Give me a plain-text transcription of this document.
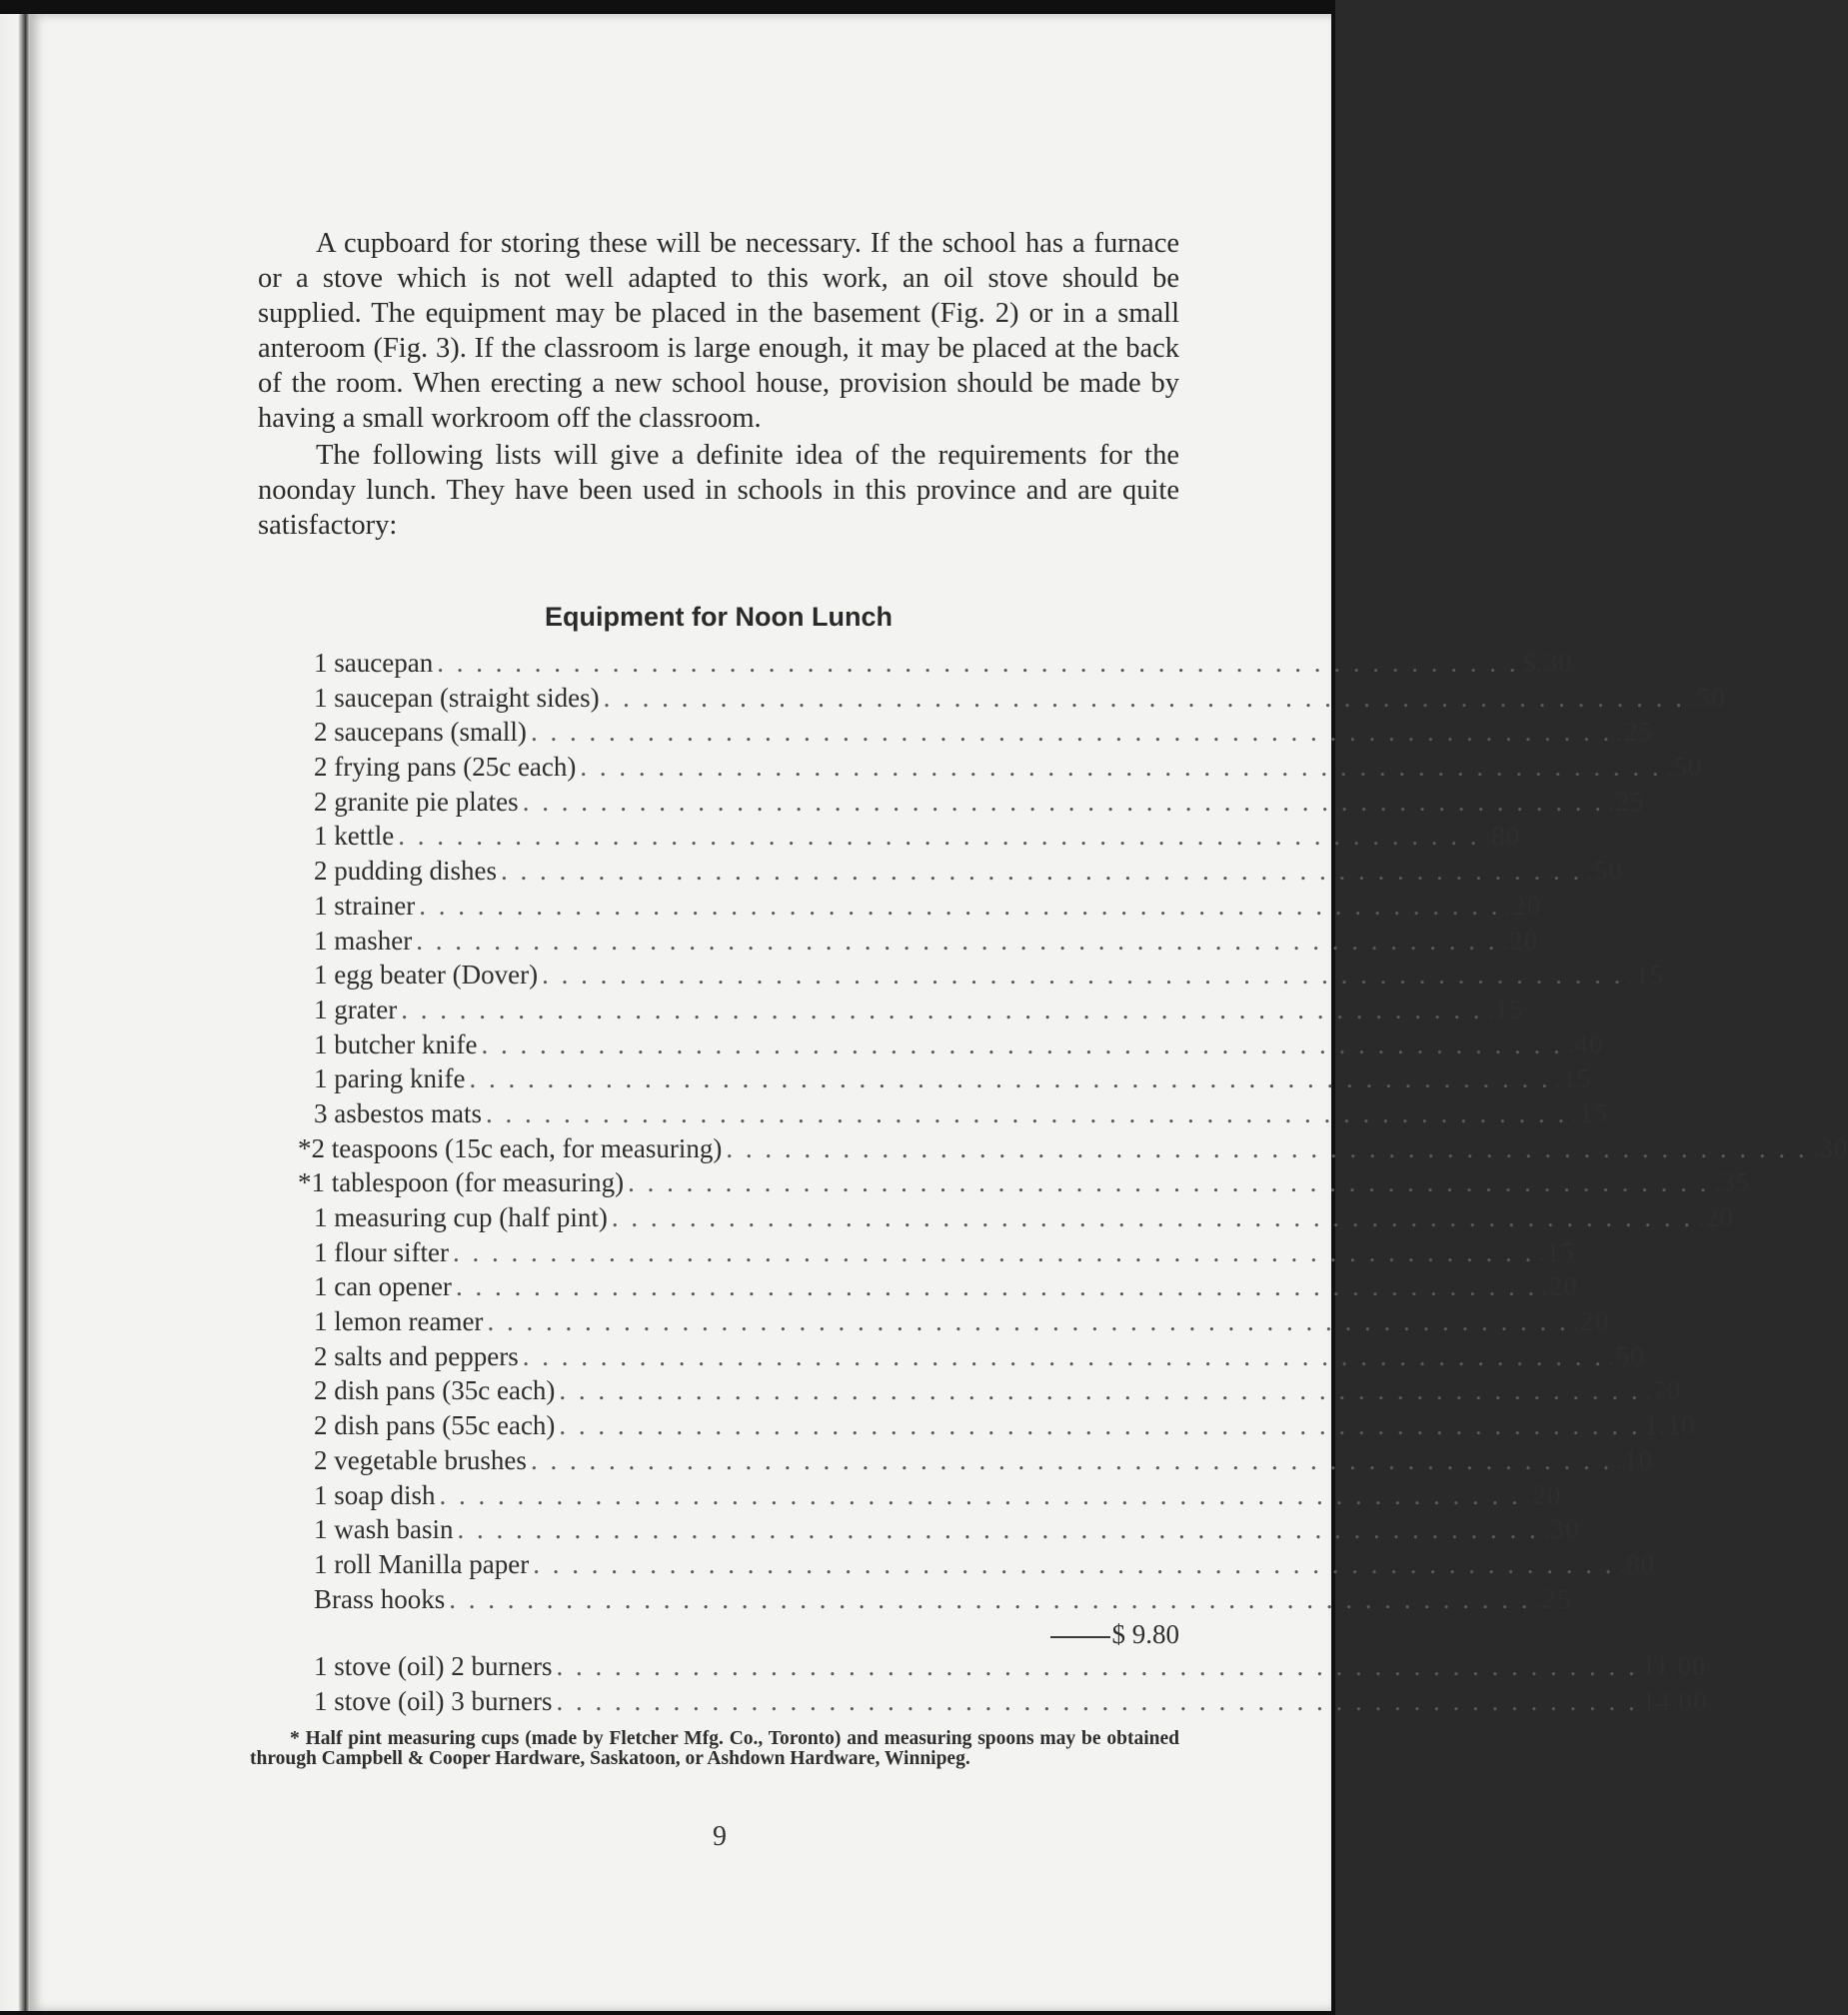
A cupboard for storing these will be necessary. If the school has a furnace or a stove which is not well adapted to this work, an oil stove should be supplied. The equipment may be placed in the basement (Fig. 2) or in a small anteroom (Fig. 3). If the classroom is large enough, it may be placed at the back of the room. When erecting a new school house, provision should be made by having a small workroom off the classroom.

The following lists will give a definite idea of the requirements for the noonday lunch. They have been used in schools in this province and are quite satisfactory:

Equipment for Noon Lunch
1 saucepan . . . . . . . . . . . . . . . . . . . . . . . . . . . . . . . . . . . . . . . . . . . . . . . . . . . . . . . . $ .30
1 saucepan (straight sides) . . . . . . . . . . . . . . . . . . . . . . . . . . . . . . . . . . . . . . . . . . . . . . . . . . . . . . . . .50
2 saucepans (small) . . . . . . . . . . . . . . . . . . . . . . . . . . . . . . . . . . . . . . . . . . . . . . . . . . . . . . . . .25
2 frying pans (25c each) . . . . . . . . . . . . . . . . . . . . . . . . . . . . . . . . . . . . . . . . . . . . . . . . . . . . . . . . .50
2 granite pie plates . . . . . . . . . . . . . . . . . . . . . . . . . . . . . . . . . . . . . . . . . . . . . . . . . . . . . . . . .25
1 kettle . . . . . . . . . . . . . . . . . . . . . . . . . . . . . . . . . . . . . . . . . . . . . . . . . . . . . . . . .80
2 pudding dishes . . . . . . . . . . . . . . . . . . . . . . . . . . . . . . . . . . . . . . . . . . . . . . . . . . . . . . . . .50
1 strainer . . . . . . . . . . . . . . . . . . . . . . . . . . . . . . . . . . . . . . . . . . . . . . . . . . . . . . . . .20
1 masher . . . . . . . . . . . . . . . . . . . . . . . . . . . . . . . . . . . . . . . . . . . . . . . . . . . . . . . . .20
1 egg beater (Dover) . . . . . . . . . . . . . . . . . . . . . . . . . . . . . . . . . . . . . . . . . . . . . . . . . . . . . . . . .15
1 grater . . . . . . . . . . . . . . . . . . . . . . . . . . . . . . . . . . . . . . . . . . . . . . . . . . . . . . . . .15
1 butcher knife . . . . . . . . . . . . . . . . . . . . . . . . . . . . . . . . . . . . . . . . . . . . . . . . . . . . . . . . .40
1 paring knife . . . . . . . . . . . . . . . . . . . . . . . . . . . . . . . . . . . . . . . . . . . . . . . . . . . . . . . . .15
3 asbestos mats . . . . . . . . . . . . . . . . . . . . . . . . . . . . . . . . . . . . . . . . . . . . . . . . . . . . . . . . .15
*2 teaspoons (15c each, for measuring) . . . . . . . . . . . . . . . . . . . . . . . . . . . . . . . . . . . . . . . . . . . . . . . . . . . . . . . . .30
*1 tablespoon (for measuring) . . . . . . . . . . . . . . . . . . . . . . . . . . . . . . . . . . . . . . . . . . . . . . . . . . . . . . . . .35
1 measuring cup (half pint) . . . . . . . . . . . . . . . . . . . . . . . . . . . . . . . . . . . . . . . . . . . . . . . . . . . . . . . . .20
1 flour sifter . . . . . . . . . . . . . . . . . . . . . . . . . . . . . . . . . . . . . . . . . . . . . . . . . . . . . . . . .15
1 can opener . . . . . . . . . . . . . . . . . . . . . . . . . . . . . . . . . . . . . . . . . . . . . . . . . . . . . . . . .20
1 lemon reamer . . . . . . . . . . . . . . . . . . . . . . . . . . . . . . . . . . . . . . . . . . . . . . . . . . . . . . . . .20
2 salts and peppers . . . . . . . . . . . . . . . . . . . . . . . . . . . . . . . . . . . . . . . . . . . . . . . . . . . . . . . . .50
2 dish pans (35c each) . . . . . . . . . . . . . . . . . . . . . . . . . . . . . . . . . . . . . . . . . . . . . . . . . . . . . . . . .70
2 dish pans (55c each) . . . . . . . . . . . . . . . . . . . . . . . . . . . . . . . . . . . . . . . . . . . . . . . . . . . . . . . . 1.10
2 vegetable brushes . . . . . . . . . . . . . . . . . . . . . . . . . . . . . . . . . . . . . . . . . . . . . . . . . . . . . . . . .10
1 soap dish . . . . . . . . . . . . . . . . . . . . . . . . . . . . . . . . . . . . . . . . . . . . . . . . . . . . . . . . .20
1 wash basin . . . . . . . . . . . . . . . . . . . . . . . . . . . . . . . . . . . . . . . . . . . . . . . . . . . . . . . . .30
1 roll Manilla paper . . . . . . . . . . . . . . . . . . . . . . . . . . . . . . . . . . . . . . . . . . . . . . . . . . . . . . . . .80
Brass hooks . . . . . . . . . . . . . . . . . . . . . . . . . . . . . . . . . . . . . . . . . . . . . . . . . . . . . . . . .25
$ 9.80
1 stove (oil) 2 burners . . . . . . . . . . . . . . . . . . . . . . . . . . . . . . . . . . . . . . . . . . . . . . . . . . . . . . . . 11.00
1 stove (oil) 3 burners . . . . . . . . . . . . . . . . . . . . . . . . . . . . . . . . . . . . . . . . . . . . . . . . . . . . . . . . 14.00

* Half pint measuring cups (made by Fletcher Mfg. Co., Toronto) and measuring spoons may be obtained through Campbell & Cooper Hardware, Saskatoon, or Ashdown Hardware, Winnipeg.

9
